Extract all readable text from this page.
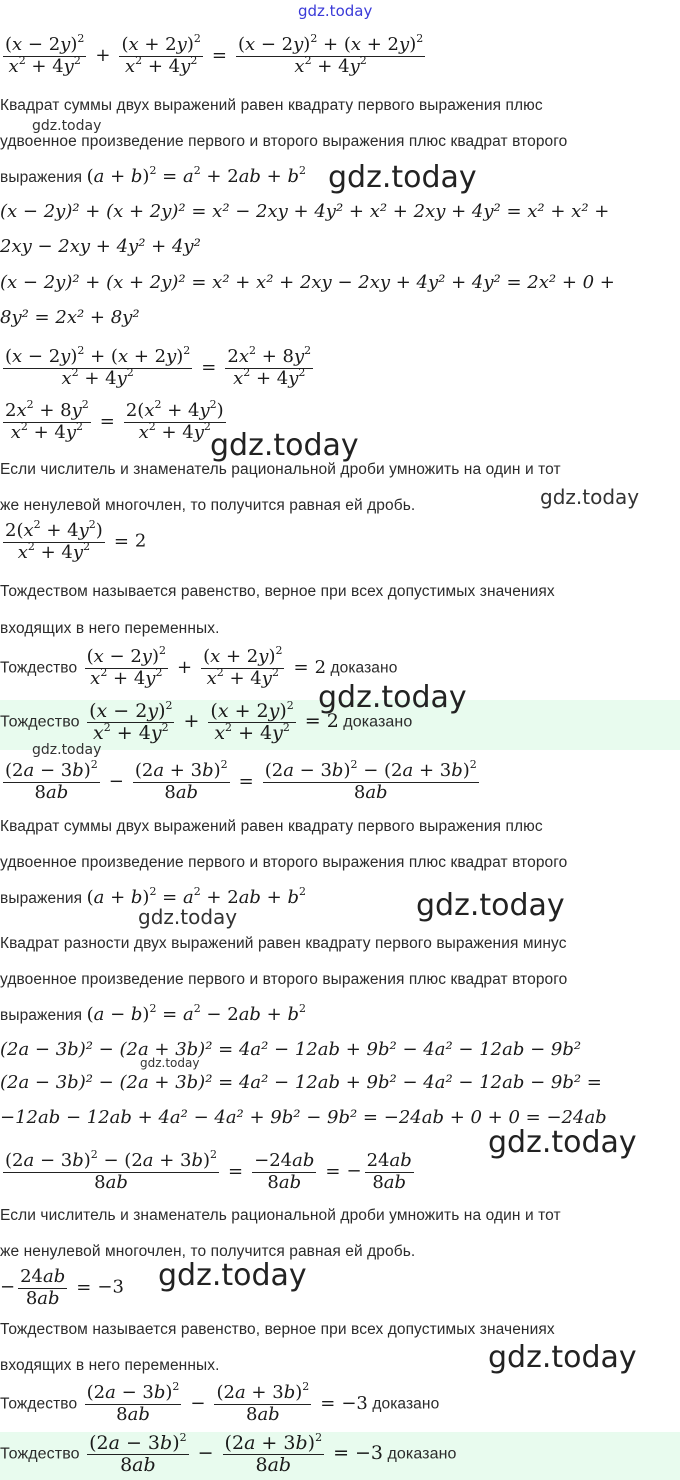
gdz.today
$\frac{(x - 2y)^2}{x^2 + 4y^2} + \frac{(x + 2y)^2}{x^2 + 4y^2} = \frac{(x - 2y)^2 + (x + 2y)^2}{x^2 + 4y^2}$
Квадрат суммы двух выражений равен квадрату первого выражения плюс
удвоенное произведение первого и второго выражения плюс квадрат второго
выражения $(a + b)^2 = a^2 + 2ab + b^2$
gdz.today
gdz.today
(x − 2y)² + (x + 2y)² = x² − 2xy + 4y² + x² + 2xy + 4y² = x² + x² +
2xy − 2xy + 4y² + 4y²
(x − 2y)² + (x + 2y)² = x² + x² + 2xy − 2xy + 4y² + 4y² = 2x² + 0 +
8y² = 2x² + 8y²
$\frac{(x - 2y)^2 + (x + 2y)^2}{x^2 + 4y^2} = \frac{2x^2 + 8y^2}{x^2 + 4y^2}$
$\frac{2x^2 + 8y^2}{x^2 + 4y^2} = \frac{2(x^2 + 4y^2)}{x^2 + 4y^2}$
gdz.today
Если числитель и знаменатель рациональной дроби умножить на один и тот
же ненулевой многочлен, то получится равная ей дробь.	gdz.today
$\frac{2(x^2 + 4y^2)}{x^2 + 4y^2} = 2$
Тождеством называется равенство, верное при всех допустимых значениях
входящих в него переменных.
Тождество $\frac{(x - 2y)^2}{x^2 + 4y^2} + \frac{(x + 2y)^2}{x^2 + 4y^2} = 2$ доказано
gdz.today
Тождество $\frac{(x - 2y)^2}{x^2 + 4y^2} + \frac{(x + 2y)^2}{x^2 + 4y^2} = 2$ доказано
gdz.today
$\frac{(2a - 3b)^2}{8ab} - \frac{(2a + 3b)^2}{8ab} = \frac{(2a - 3b)^2 - (2a + 3b)^2}{8ab}$
Квадрат суммы двух выражений равен квадрату первого выражения плюс
удвоенное произведение первого и второго выражения плюс квадрат второго
выражения $(a + b)^2 = a^2 + 2ab + b^2$
gdz.today	gdz.today
Квадрат разности двух выражений равен квадрату первого выражения минус
удвоенное произведение первого и второго выражения плюс квадрат второго
выражения $(a - b)^2 = a^2 - 2ab + b^2$
(2a − 3b)² − (2a + 3b)² = 4a² − 12ab + 9b² − 4a² − 12ab − 9b²
gdz.today
(2a − 3b)² − (2a + 3b)² = 4a² − 12ab + 9b² − 4a² − 12ab − 9b² =
−12ab − 12ab + 4a² − 4a² + 9b² − 9b² = −24ab + 0 + 0 = −24ab
gdz.today
$\frac{(2a - 3b)^2 - (2a + 3b)^2}{8ab} = \frac{-24ab}{8ab}$ = − $\frac{24ab}{8ab}$
Если числитель и знаменатель рациональной дроби умножить на один и тот
же ненулевой многочлен, то получится равная ей дробь.
− $\frac{24ab}{8ab} = -3$ gdz.today
Тождеством называется равенство, верное при всех допустимых значениях
входящих в него переменных.	gdz.today
Тождество $\frac{(2a - 3b)^2}{8ab} - \frac{(2a + 3b)^2}{8ab} = -3$ доказано
Тождество $\frac{(2a - 3b)^2}{8ab} - \frac{(2a + 3b)^2}{8ab} = -3$ доказано
